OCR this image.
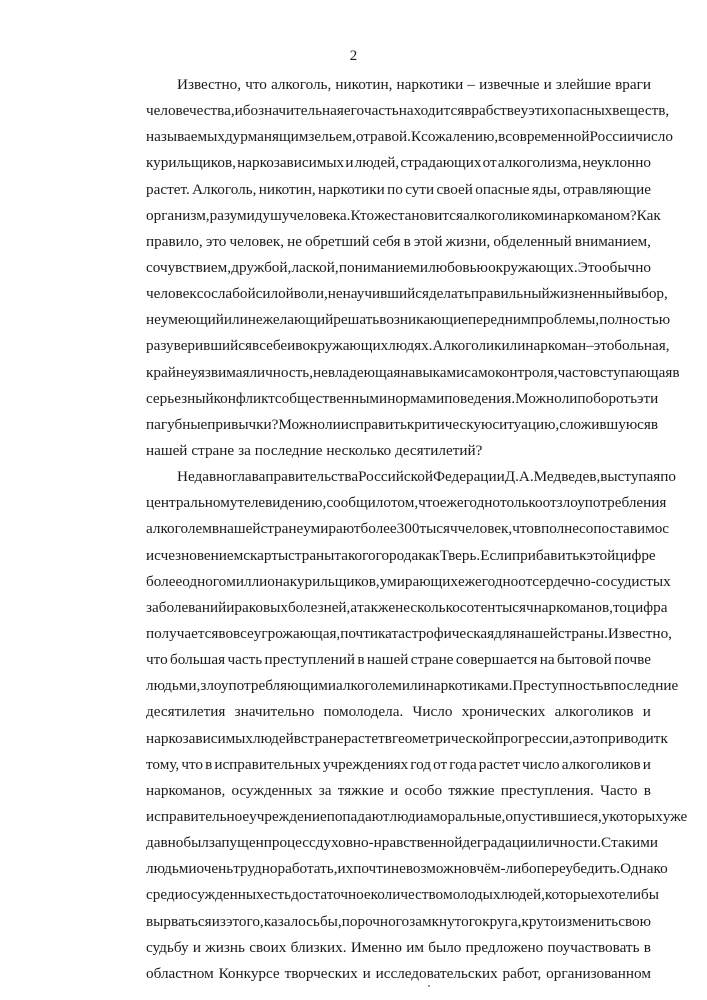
2
Известно, что алкоголь, никотин, наркотики – извечные и злейшие враги
человечества, ибо значительная его часть находится в рабстве у этих опасных веществ,
называемых дурманящим зельем, отравой. К сожалению, в современной России число
курильщиков, наркозависимых и людей, страдающих от алкоголизма, неуклонно
растет. Алкоголь, никотин, наркотики по сути своей опасные яды, отравляющие
организм, разум и душу человека. Кто же становится алкоголиком и наркоманом? Как
правило, это человек, не обретший себя в этой жизни, обделенный вниманием,
сочувствием, дружбой, лаской, пониманием и любовью окружающих. Это обычно
человек со слабой силой воли, не научившийся делать правильный жизненный выбор,
не умеющий или не желающий решать возникающие перед ним проблемы, полностью
разуверившийся в себе и в окружающих людях. Алкоголик или наркоман – это больная,
крайне уязвимая личность, не владеющая навыками самоконтроля, часто вступающая в
серьезный конфликт с общественными нормами поведения. Можно ли побороть эти
пагубные привычки? Можно ли исправить критическую ситуацию, сложившуюся в
нашей стране за последние несколько десятилетий?
Недавно глава правительства Российской Федерации Д.А. Медведев, выступая по
центральному телевидению, сообщил о том, что ежегодно только от злоупотребления
алкоголем в нашей стране умирают более 300 тысяч человек, что вполне сопоставимо с
исчезновением с карты страны такого города как Тверь. Если прибавить к этой цифре
более одного миллиона курильщиков, умирающих ежегодно от сердечно-сосудистых
заболеваний и раковых болезней, а также несколько сотен тысяч наркоманов, то цифра
получается вовсе угрожающая, почти катастрофическая для нашей страны. Известно,
что большая часть преступлений в нашей стране совершается на бытовой почве
людьми, злоупотребляющими алкоголем или наркотиками. Преступность в последние
десятилетия значительно помолодела. Число хронических алкоголиков и
наркозависимых людей в стране растет в геометрической прогрессии, а это приводит к
тому, что в исправительных учреждениях год от года растет число алкоголиков и
наркоманов, осужденных за тяжкие и особо тяжкие преступления. Часто в
исправительное учреждение попадают люди аморальные, опустившиеся, у которых уже
давно был запущен процесс духовно-нравственной деградации личности. С такими
людьми очень трудно работать, их почти невозможно в чём-либо переубедить. Однако
среди осужденных есть достаточное количество молодых людей, которые хотели бы
вырваться из этого, казалось бы, порочного замкнутого круга, круто изменить свою
судьбу и жизнь своих близких. Именно им было предложено поучаствовать в
областном Конкурсе творческих и исследовательских работ, организованном
